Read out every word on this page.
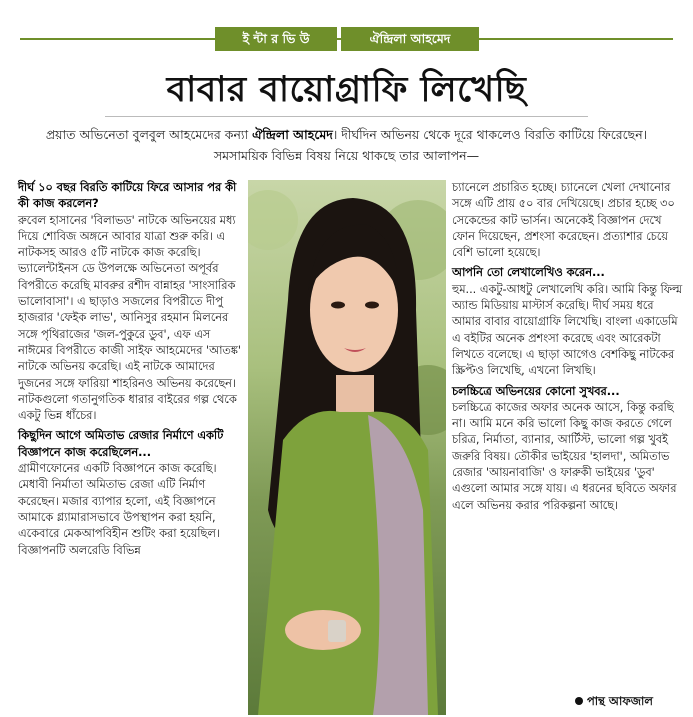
ই ন্টা র ভি উ	ঐন্দ্রিলা আহমেদ
বাবার বায়োগ্রাফি লিখেছি
প্রয়াত অভিনেতা বুলবুল আহমেদের কন্যা ঐন্দ্রিলা আহমেদ। দীর্ঘদিন অভিনয় থেকে দূরে থাকলেও বিরতি কাটিয়ে ফিরেছেন। সমসাময়িক বিভিন্ন বিষয় নিয়ে থাকছে তার আলাপন—
দীর্ঘ ১০ বছর বিরতি কাটিয়ে ফিরে আসার পর কী কী কাজ করলেন?
রুবেল হাসানের 'বিলাভড' নাটকে অভিনয়ের মধ্য দিয়ে শোবিজ অঙ্গনে আবার যাত্রা শুরু করি। এ নাটকসহ আরও ৫টি নাটকে কাজ করেছি। ভ্যালেন্টাইনস ডে উপলক্ষে অভিনেতা অপূর্বর বিপরীতে করেছি মাবরুর রশীদ বান্নাহর 'সাংসারিক ভালোবাসা'। এ ছাড়াও সজলের বিপরীতে দীপু হাজরার 'ফেইক লাভ', আনিসুর রহমান মিলনের সঙ্গে পৃথিরাজের 'জল-পুকুরে ডুব', এফ এস নাঈমের বিপরীতে কাজী সাইফ আহমেদের 'আতঙ্ক' নাটকে অভিনয় করেছি। এই নাটকে আমাদের দুজনের সঙ্গে ফারিয়া শাহরিনও অভিনয় করেছেন। নাটকগুলো গতানুগতিক ধারার বাইরের গল্প থেকে একটু ভিন্ন ধাঁচের।
কিছুদিন আগে অমিতাভ রেজার নির্মাণে একটি বিজ্ঞাপনে কাজ করেছিলেন...
গ্রামীণফোনের একটি বিজ্ঞাপনে কাজ করেছি। মেধাবী নির্মাতা অমিতাভ রেজা এটি নির্মাণ করেছেন। মজার ব্যাপার হলো, এই বিজ্ঞাপনে আমাকে গ্ল্যামারাসভাবে উপস্থাপন করা হয়নি, একেবারে মেকআপবিহীন শুটিং করা হয়েছিল। বিজ্ঞাপনটি অলরেডি বিভিন্ন
চ্যানেলে প্রচারিত হচ্ছে। চ্যানেলে খেলা দেখানোর সঙ্গে এটি প্রায় ৫০ বার দেখিয়েছে। প্রচার হচ্ছে ৩০ সেকেন্ডের কাট ভার্সন। অনেকেই বিজ্ঞাপন দেখে ফোন দিয়েছেন, প্রশংসা করেছেন। প্রত্যাশার চেয়ে বেশি ভালো হয়েছে।
আপনি তো লেখালেখিও করেন...
হুম... একটু-আধটু লেখালেখি করি। আমি কিন্তু ফিল্ম অ্যান্ড মিডিয়ায় মাস্টার্স করেছি। দীর্ঘ সময় ধরে আমার বাবার বায়োগ্রাফি লিখেছি। বাংলা একাডেমি এ বইটির অনেক প্রশংসা করেছে এবং আরেকটা লিখতে বলেছে। এ ছাড়া আগেও বেশকিছু নাটকের স্ক্রিপ্টও লিখেছি, এখনো লিখছি।
চলচ্চিত্রে অভিনয়ের কোনো সুখবর...
চলচ্চিত্রে কাজের অফার অনেক আসে, কিন্তু করছি না। আমি মনে করি ভালো কিছু কাজ করতে গেলে চরিত্র, নির্মাতা, ব্যানার, আর্টিস্ট, ভালো গল্প খুবই জরুরি বিষয়। তৌকীর ভাইয়ের 'হালদা', অমিতাভ রেজার 'আয়নাবাজি' ও ফারুকী ভাইয়ের 'ডুব' এগুলো আমার সঙ্গে যায়। এ ধরনের ছবিতে অফার এলে অভিনয় করার পরিকল্পনা আছে।
পান্থ আফজাল
